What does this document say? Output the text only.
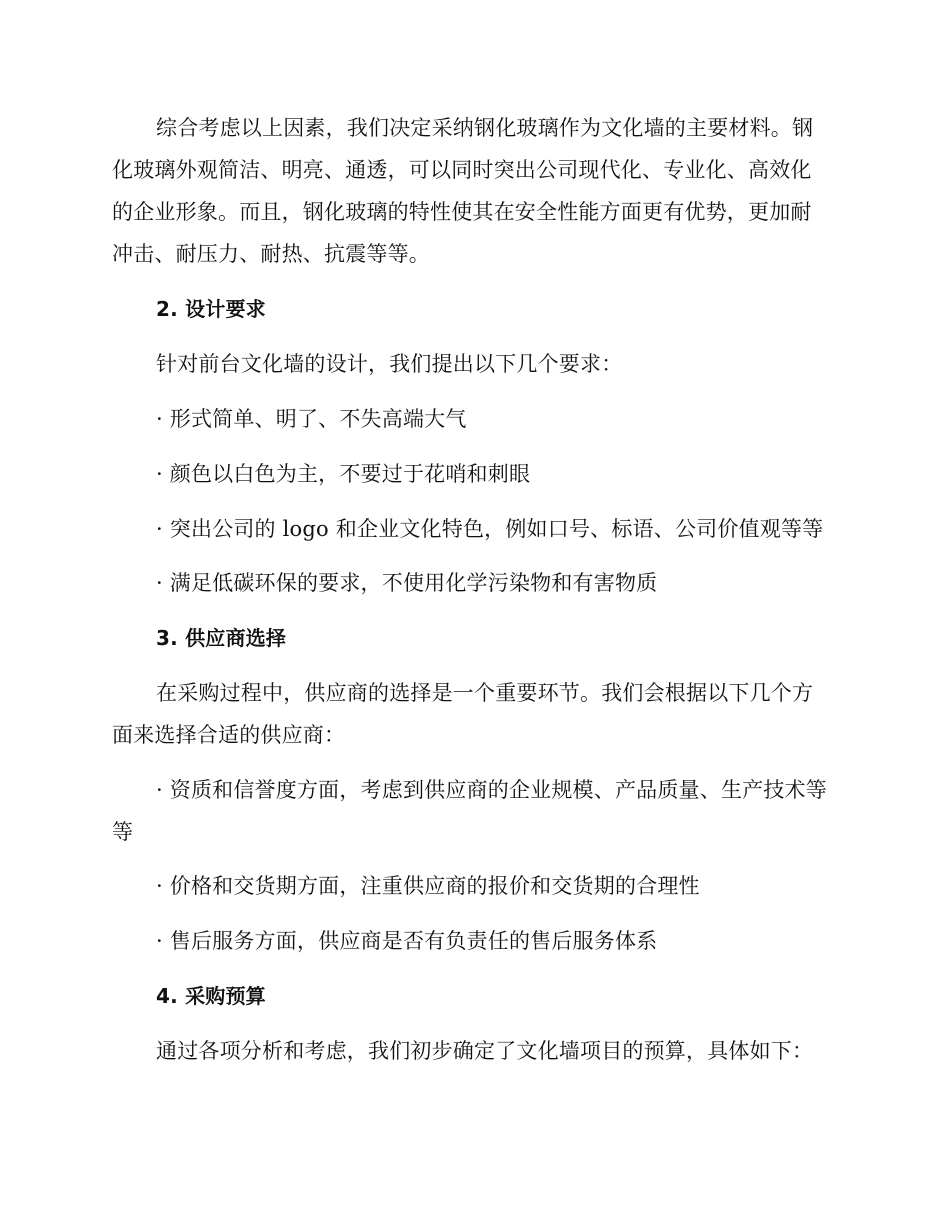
综合考虑以上因素，我们决定采纳钢化玻璃作为文化墙的主要材料。钢化玻璃外观简洁、明亮、通透，可以同时突出公司现代化、专业化、高效化的企业形象。而且，钢化玻璃的特性使其在安全性能方面更有优势，更加耐冲击、耐压力、耐热、抗震等等。

2. 设计要求

针对前台文化墙的设计，我们提出以下几个要求：

· 形式简单、明了、不失高端大气

· 颜色以白色为主，不要过于花哨和刺眼

· 突出公司的 logo 和企业文化特色，例如口号、标语、公司价值观等等

· 满足低碳环保的要求，不使用化学污染物和有害物质

3. 供应商选择

在采购过程中，供应商的选择是一个重要环节。我们会根据以下几个方面来选择合适的供应商：

· 资质和信誉度方面，考虑到供应商的企业规模、产品质量、生产技术等等

· 价格和交货期方面，注重供应商的报价和交货期的合理性

· 售后服务方面，供应商是否有负责任的售后服务体系

4. 采购预算

通过各项分析和考虑，我们初步确定了文化墙项目的预算，具体如下：
